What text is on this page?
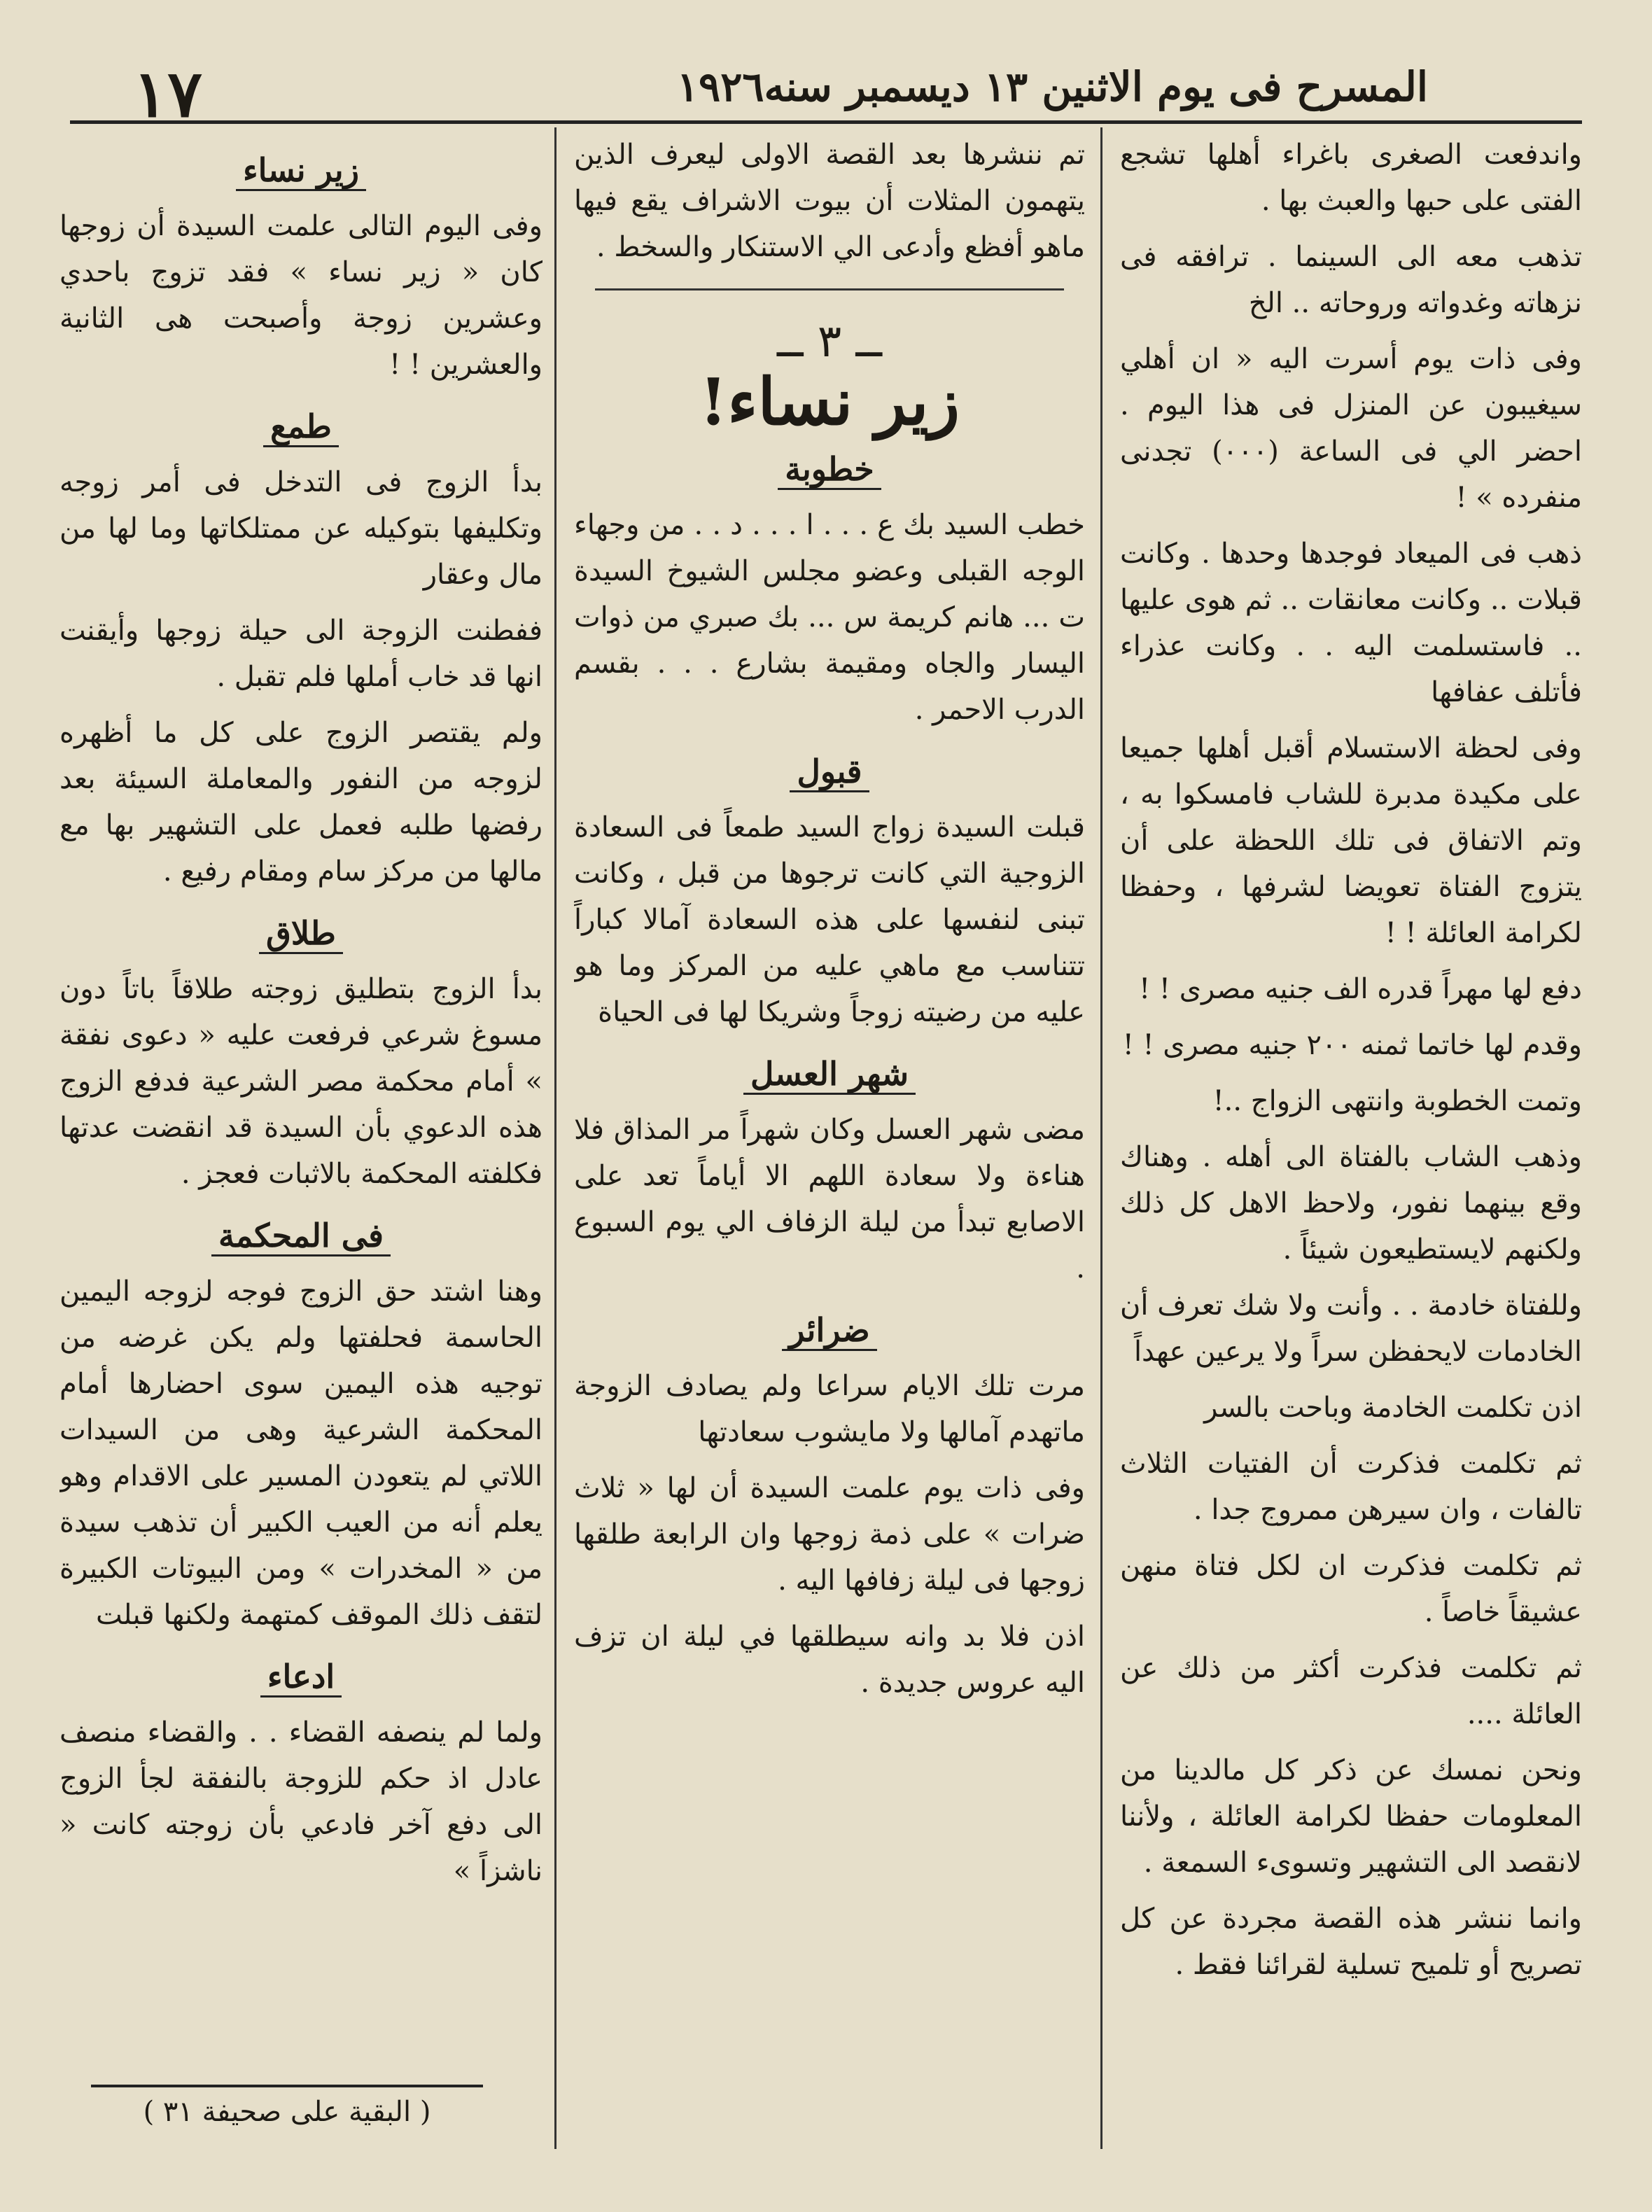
١٧	المسرح فى يوم الاثنين ١٣ ديسمبر سنه١٩٢٦

واندفعت الصغرى باغراء أهلها تشجع الفتى على حبها والعبث بها .

تذهب معه الى السينما . ترافقه فى نزهاته وغدواته وروحاته .. الخ

وفى ذات يوم أسرت اليه « ان أهلي سيغيبون عن المنزل فى هذا اليوم . احضر الي فى الساعة (٠٠٠) تجدنى منفرده » !

ذهب فى الميعاد فوجدها وحدها . وكانت قبلات .. وكانت معانقات .. ثم هوى عليها .. فاستسلمت اليه . . وكانت عذراء فأتلف عفافها

وفى لحظة الاستسلام أقبل أهلها جميعا على مكيدة مدبرة للشاب فامسكوا به ، وتم الاتفاق فى تلك اللحظة على أن يتزوج الفتاة تعويضا لشرفها ، وحفظا لكرامة العائلة ! !

دفع لها مهراً قدره الف جنيه مصرى ! !

وقدم لها خاتما ثمنه ٢٠٠ جنيه مصرى ! !

وتمت الخطوبة وانتهى الزواج ..!

وذهب الشاب بالفتاة الى أهله . وهناك وقع بينهما نفور، ولاحظ الاهل كل ذلك ولكنهم لايستطيعون شيئاً .

وللفتاة خادمة . . وأنت ولا شك تعرف أن الخادمات لايحفظن سراً ولا يرعين عهداً

اذن تكلمت الخادمة وباحت بالسر

ثم تكلمت فذكرت أن الفتيات الثلاث تالفات ، وان سيرهن ممروج جدا .

ثم تكلمت فذكرت ان لكل فتاة منهن عشيقاً خاصاً .

ثم تكلمت فذكرت أكثر من ذلك عن العائلة ....

ونحن نمسك عن ذكر كل مالدينا من المعلومات حفظا لكرامة العائلة ، ولأننا لانقصد الى التشهير وتسوىء السمعة .

وانما ننشر هذه القصة مجردة عن كل تصريح أو تلميح تسلية لقرائنا فقط .

تم ننشرها بعد القصة الاولى ليعرف الذين يتهمون المثلات أن بيوت الاشراف يقع فيها ماهو أفظع وأدعى الي الاستنكار والسخط .

ــ ٣ ــ
زير نساء!
خطوبة

خطب السيد بك ع . . . ا . . . د . . من وجهاء الوجه القبلى وعضو مجلس الشيوخ السيدة ت ... هانم كريمة س ... بك صبري من ذوات اليسار والجاه ومقيمة بشارع . . . بقسم الدرب الاحمر .

قبول

قبلت السيدة زواج السيد طمعاً فى السعادة الزوجية التي كانت ترجوها من قبل ، وكانت تبنى لنفسها على هذه السعادة آمالا كباراً تتناسب مع ماهي عليه من المركز وما هو عليه من رضيته زوجاً وشريكا لها فى الحياة

شهر العسل

مضى شهر العسل وكان شهراً مر المذاق فلا هناءة ولا سعادة اللهم الا أياماً تعد على الاصابع تبدأ من ليلة الزفاف الي يوم السبوع .

ضرائر

مرت تلك الايام سراعا ولم يصادف الزوجة ماتهدم آمالها ولا مايشوب سعادتها

وفى ذات يوم علمت السيدة أن لها « ثلاث ضرات » على ذمة زوجها وان الرابعة طلقها زوجها فى ليلة زفافها اليه .

اذن فلا بد وانه سيطلقها في ليلة ان تزف اليه عروس جديدة .

زير نساء

وفى اليوم التالى علمت السيدة أن زوجها كان « زير نساء » فقد تزوج باحدي وعشرين زوجة وأصبحت هى الثانية والعشرين ! !

طمع

بدأ الزوج فى التدخل فى أمر زوجه وتكليفها بتوكيله عن ممتلكاتها وما لها من مال وعقار

ففطنت الزوجة الى حيلة زوجها وأيقنت انها قد خاب أملها فلم تقبل .

ولم يقتصر الزوج على كل ما أظهره لزوجه من النفور والمعاملة السيئة بعد رفضها طلبه فعمل على التشهير بها مع مالها من مركز سام ومقام رفيع .

طلاق

بدأ الزوج بتطليق زوجته طلاقاً باتاً دون مسوغ شرعي فرفعت عليه « دعوى نفقة » أمام محكمة مصر الشرعية فدفع الزوج هذه الدعوي بأن السيدة قد انقضت عدتها فكلفته المحكمة بالاثبات فعجز .

فى المحكمة

وهنا اشتد حق الزوج فوجه لزوجه اليمين الحاسمة فحلفتها ولم يكن غرضه من توجيه هذه اليمين سوى احضارها أمام المحكمة الشرعية وهى من السيدات اللاتي لم يتعودن المسير على الاقدام وهو يعلم أنه من العيب الكبير أن تذهب سيدة من « المخدرات » ومن البيوتات الكبيرة لتقف ذلك الموقف كمتهمة ولكنها قبلت

ادعاء

ولما لم ينصفه القضاء . . والقضاء منصف عادل اذ حكم للزوجة بالنفقة لجأ الزوج الى دفع آخر فادعي بأن زوجته كانت « ناشزاً »

( البقية على صحيفة ٣١ )
